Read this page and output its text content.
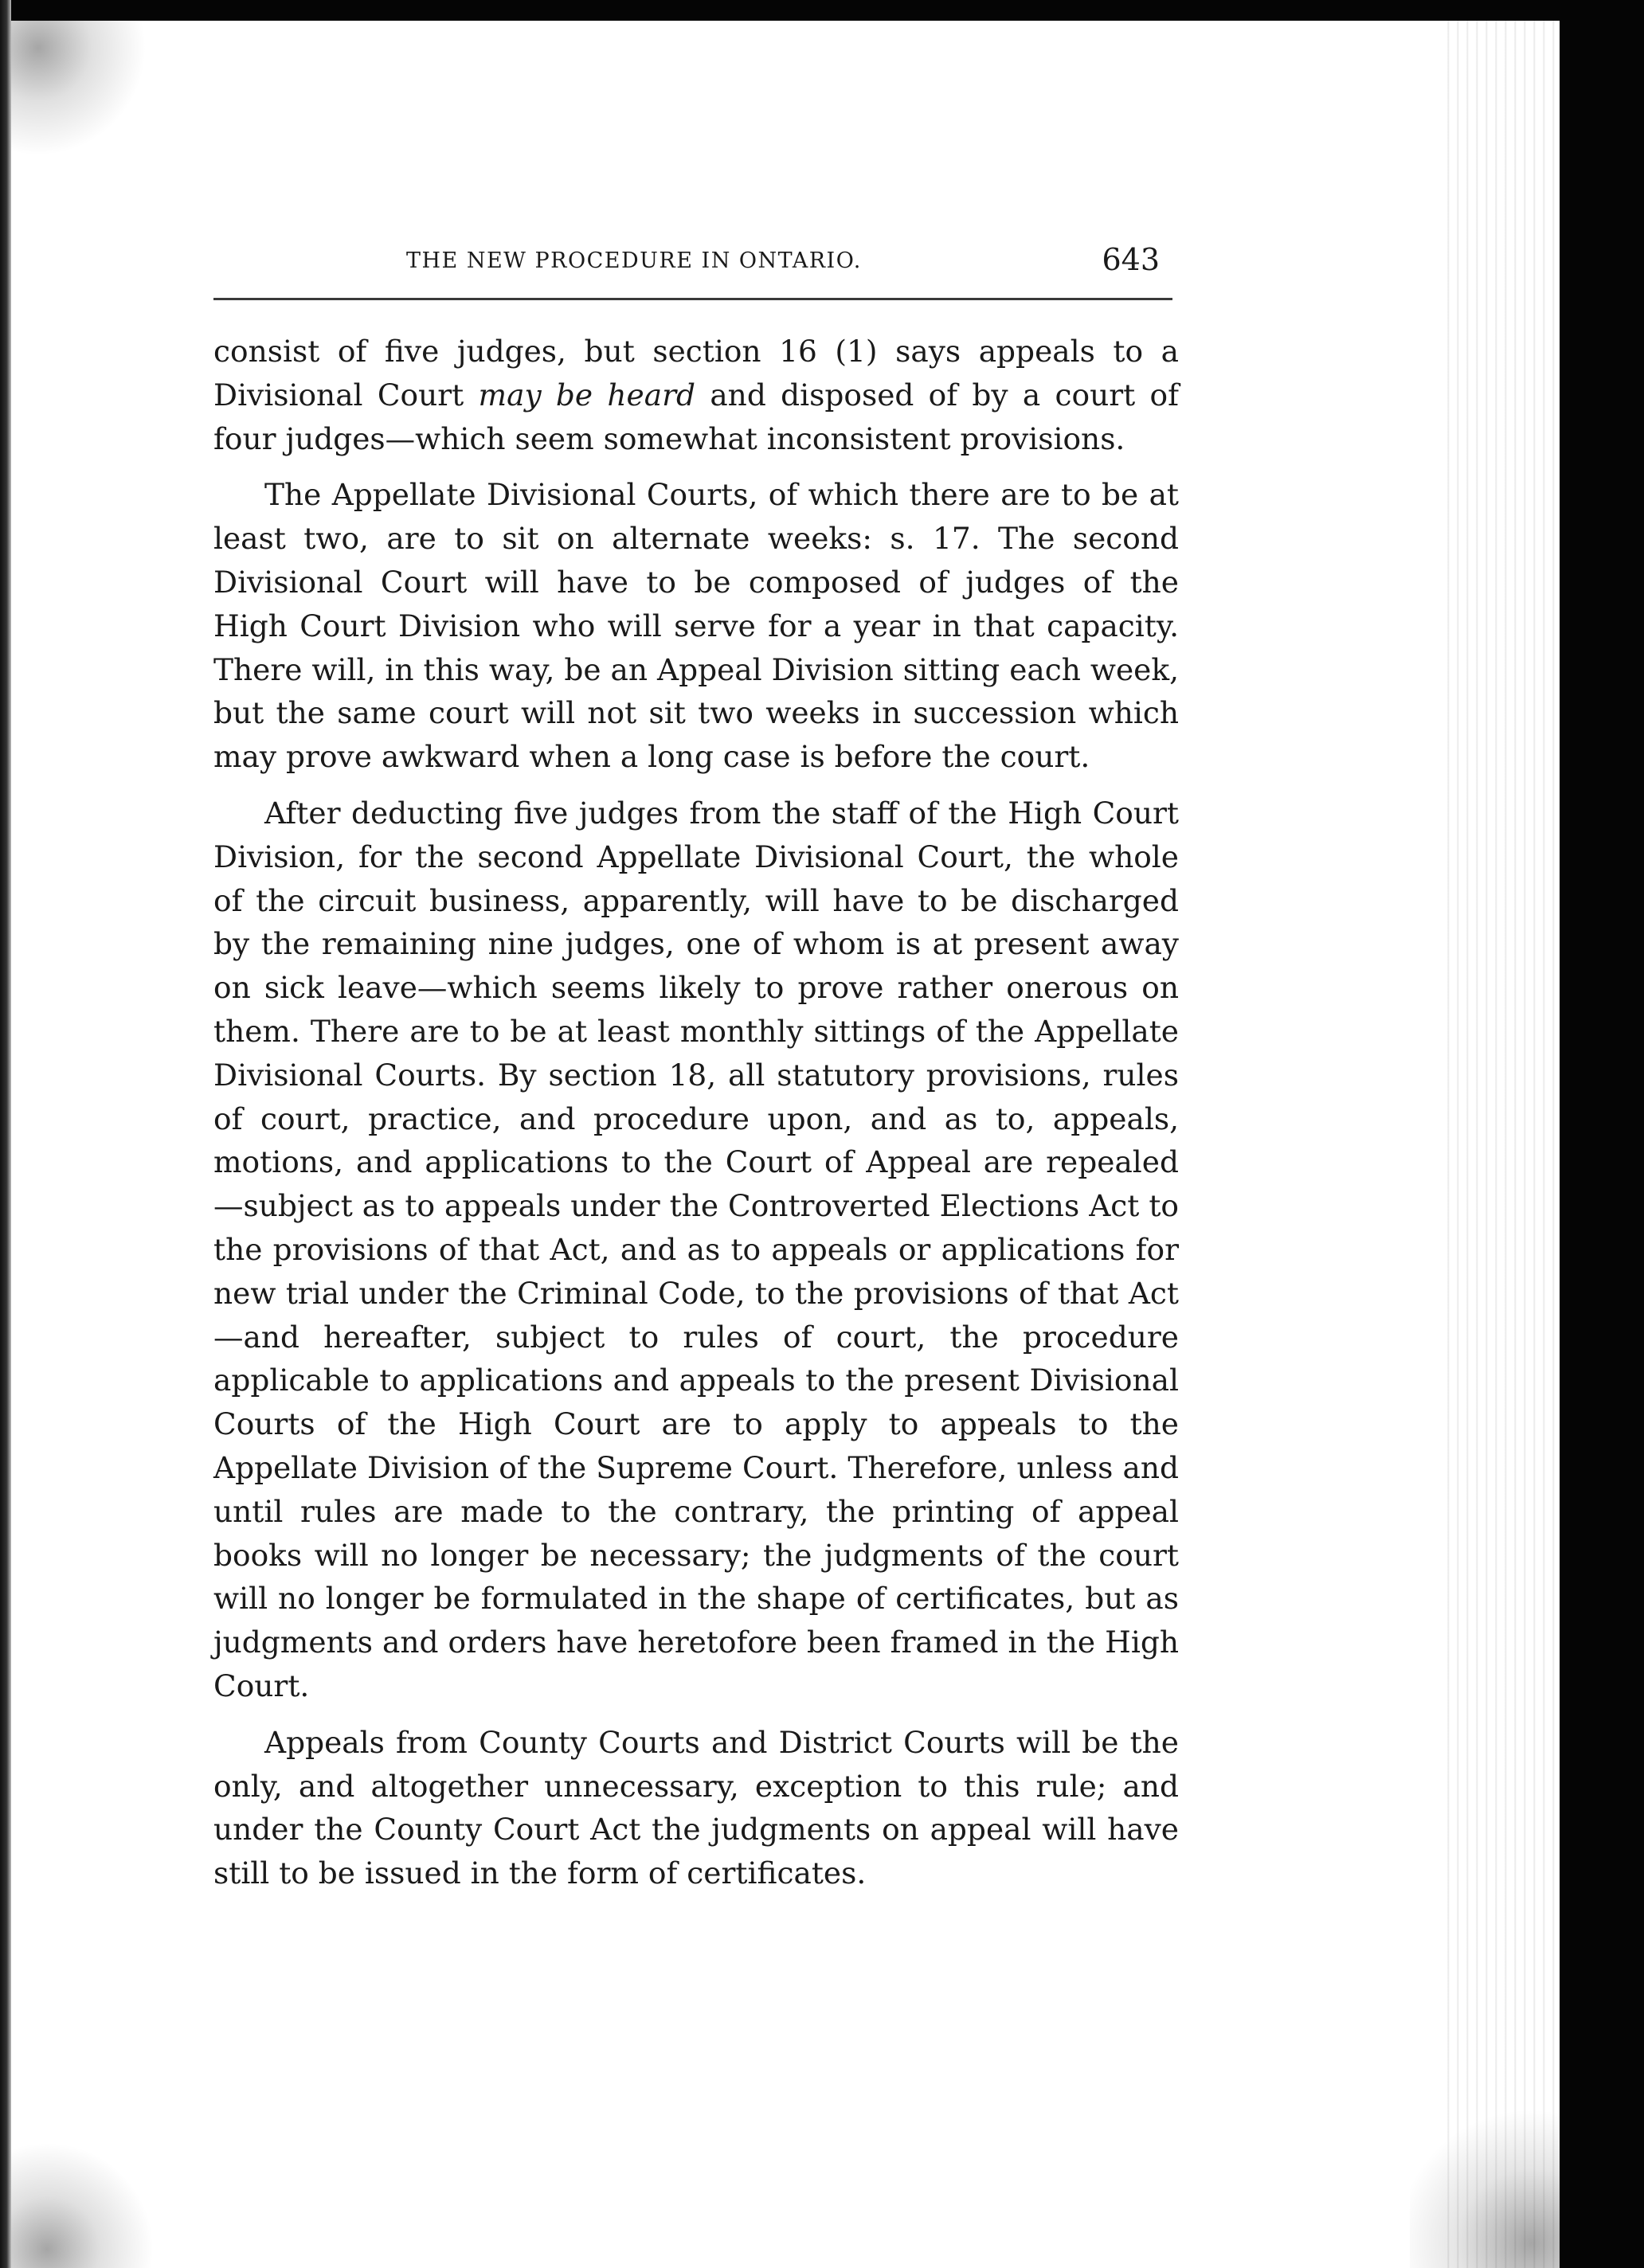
THE NEW PROCEDURE IN ONTARIO.	643

consist of five judges, but section 16 (1) says appeals to a Divisional Court may be heard and disposed of by a court of four judges—which seem somewhat inconsistent provisions.

The Appellate Divisional Courts, of which there are to be at least two, are to sit on alternate weeks: s. 17. The second Divisional Court will have to be composed of judges of the High Court Division who will serve for a year in that capacity. There will, in this way, be an Appeal Division sitting each week, but the same court will not sit two weeks in succession which may prove awkward when a long case is before the court.

After deducting five judges from the staff of the High Court Division, for the second Appellate Divisional Court, the whole of the circuit business, apparently, will have to be discharged by the remaining nine judges, one of whom is at present away on sick leave—which seems likely to prove rather onerous on them. There are to be at least monthly sittings of the Appellate Divisional Courts. By section 18, all statutory provisions, rules of court, practice, and procedure upon, and as to, appeals, motions, and applications to the Court of Appeal are repealed—subject as to appeals under the Controverted Elections Act to the provisions of that Act, and as to appeals or applications for new trial under the Criminal Code, to the provisions of that Act—and hereafter, subject to rules of court, the procedure applicable to applications and appeals to the present Divisional Courts of the High Court are to apply to appeals to the Appellate Division of the Supreme Court. Therefore, unless and until rules are made to the contrary, the printing of appeal books will no longer be necessary; the judgments of the court will no longer be formulated in the shape of certificates, but as judgments and orders have heretofore been framed in the High Court.

Appeals from County Courts and District Courts will be the only, and altogether unnecessary, exception to this rule; and under the County Court Act the judgments on appeal will have still to be issued in the form of certificates.
